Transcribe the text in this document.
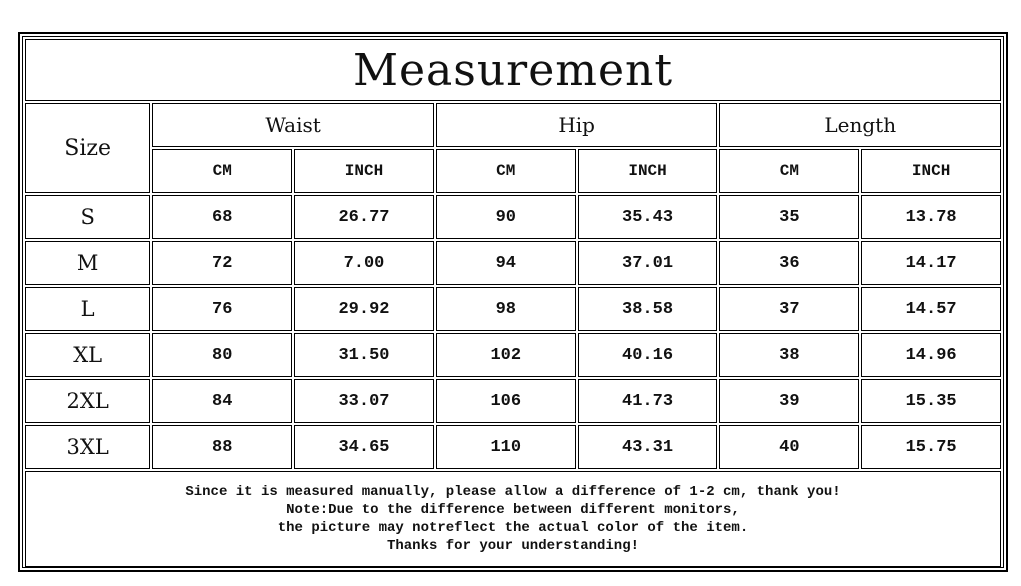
Measurement						
Size	Waist		Hip		Length	
	CM	INCH	CM	INCH	CM	INCH
S	68	26.77	90	35.43	35	13.78
M	72	7.00	94	37.01	36	14.17
L	76	29.92	98	38.58	37	14.57
XL	80	31.50	102	40.16	38	14.96
2XL	84	33.07	106	41.73	39	15.35
3XL	88	34.65	110	43.31	40	15.75

Since it is measured manually, please allow a difference of 1-2 cm, thank you!
Note:Due to the difference between different monitors,
the picture may notreflect the actual color of the item.
Thanks for your understanding!						
